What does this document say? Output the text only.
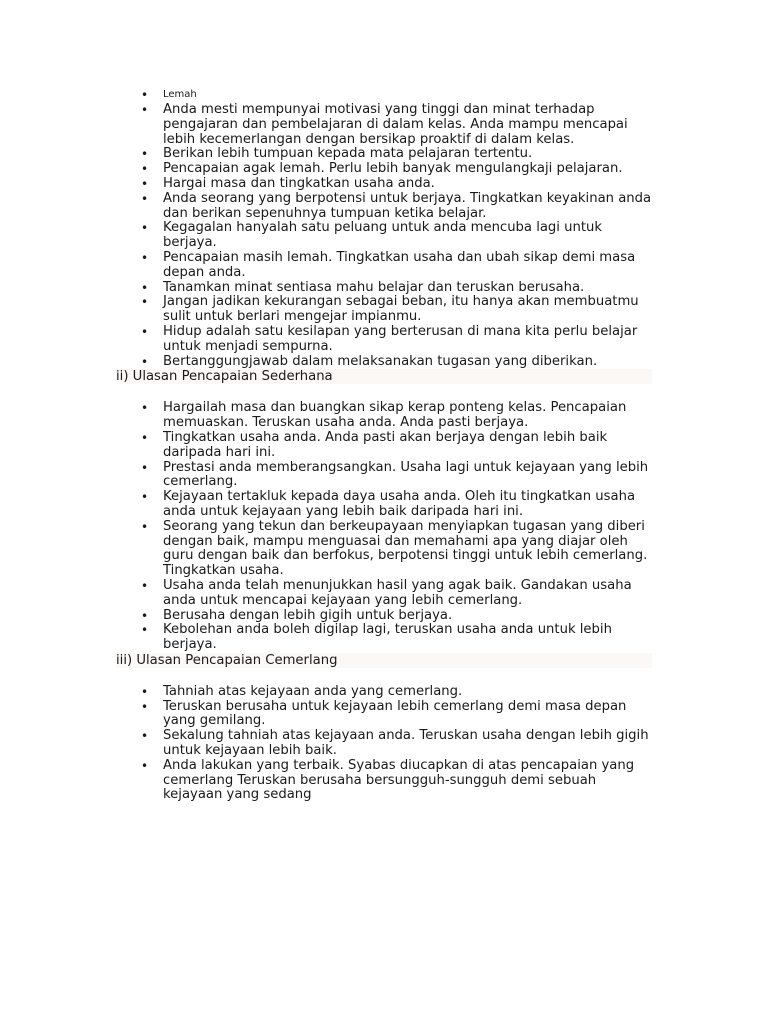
• Lemah
• Anda mesti mempunyai motivasi yang tinggi dan minat terhadap pengajaran dan pembelajaran di dalam kelas. Anda mampu mencapai lebih kecemerlangan dengan bersikap proaktif di dalam kelas.
• Berikan lebih tumpuan kepada mata pelajaran tertentu.
• Pencapaian agak lemah. Perlu lebih banyak mengulangkaji pelajaran.
• Hargai masa dan tingkatkan usaha anda.
• Anda seorang yang berpotensi untuk berjaya. Tingkatkan keyakinan anda dan berikan sepenuhnya tumpuan ketika belajar.
• Kegagalan hanyalah satu peluang untuk anda mencuba lagi untuk berjaya.
• Pencapaian masih lemah. Tingkatkan usaha dan ubah sikap demi masa depan anda.
• Tanamkan minat sentiasa mahu belajar dan teruskan berusaha.
• Jangan jadikan kekurangan sebagai beban, itu hanya akan membuatmu sulit untuk berlari mengejar impianmu.
• Hidup adalah satu kesilapan yang berterusan di mana kita perlu belajar untuk menjadi sempurna.
• Bertanggungjawab dalam melaksanakan tugasan yang diberikan.
ii) Ulasan Pencapaian Sederhana
• Hargailah masa dan buangkan sikap kerap ponteng kelas. Pencapaian memuaskan. Teruskan usaha anda. Anda pasti berjaya.
• Tingkatkan usaha anda. Anda pasti akan berjaya dengan lebih baik daripada hari ini.
• Prestasi anda memberangsangkan. Usaha lagi untuk kejayaan yang lebih cemerlang.
• Kejayaan tertakluk kepada daya usaha anda. Oleh itu tingkatkan usaha anda untuk kejayaan yang lebih baik daripada hari ini.
• Seorang yang tekun dan berkeupayaan menyiapkan tugasan yang diberi dengan baik, mampu menguasai dan memahami apa yang diajar oleh guru dengan baik dan berfokus, berpotensi tinggi untuk lebih cemerlang. Tingkatkan usaha.
• Usaha anda telah menunjukkan hasil yang agak baik. Gandakan usaha anda untuk mencapai kejayaan yang lebih cemerlang.
• Berusaha dengan lebih gigih untuk berjaya.
• Kebolehan anda boleh digilap lagi, teruskan usaha anda untuk lebih berjaya.
iii) Ulasan Pencapaian Cemerlang
• Tahniah atas kejayaan anda yang cemerlang.
• Teruskan berusaha untuk kejayaan lebih cemerlang demi masa depan yang gemilang.
• Sekalung tahniah atas kejayaan anda. Teruskan usaha dengan lebih gigih untuk kejayaan lebih baik.
• Anda lakukan yang terbaik. Syabas diucapkan di atas pencapaian yang cemerlang Teruskan berusaha bersungguh-sungguh demi sebuah kejayaan yang sedang
